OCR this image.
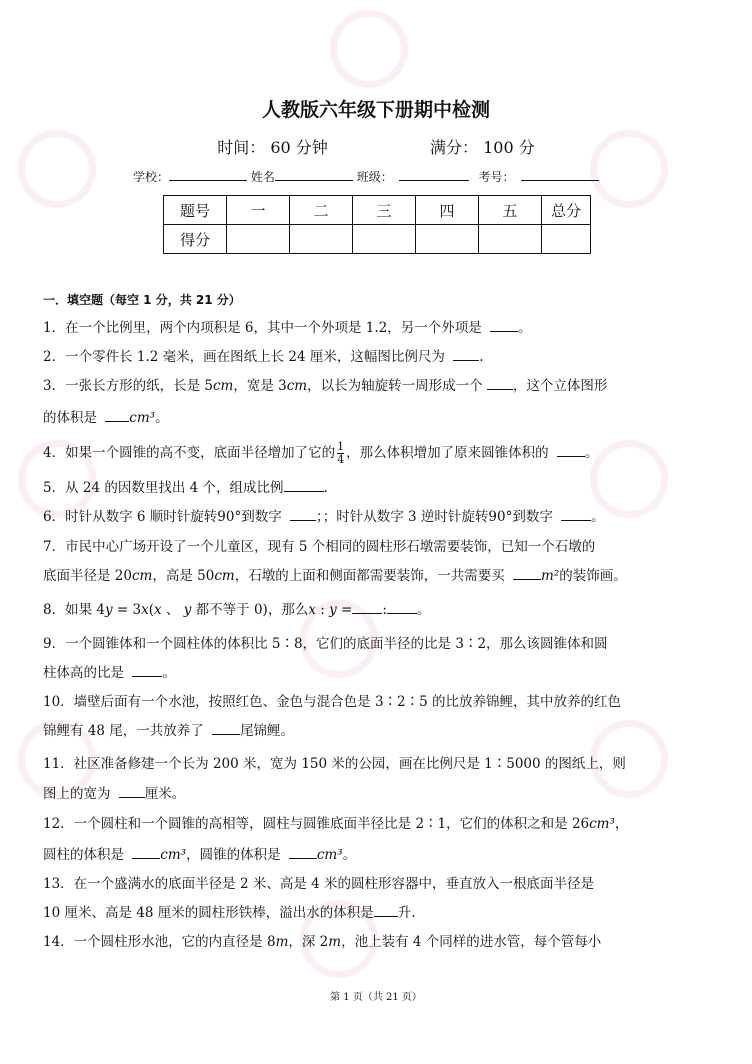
人教版六年级下册期中检测
时间： 60 分钟	满分： 100 分
学校：	姓名	班级：	考号：
题号	一	二	三	四	五	总分
得分						
一．填空题（每空 1 分，共 21 分）
1．在一个比例里，两个内项积是 6，其中一个外项是 1.2，另一个外项是	。
2．一个零件长 1.2 毫米，画在图纸上长 24 厘米，这幅图比例尺为	.
3．一张长方形的纸，长是 5cm，宽是 3cm，以长为轴旋转一周形成一个 ，这个立体图形
的体积是 cm³。
4．如果一个圆锥的高不变，底面半径增加了它的 $\frac{1}{4}$ ，那么体积增加了原来圆锥体积的	。
5．从 24 的因数里找出 4 个，组成比例	.
6．时针从数字 6 顺时针旋转90°到数字	；；时针从数字 3 逆时针旋转90°到数字	。
7．市民中心广场开设了一个儿童区，现有 5 个相同的圆柱形石墩需要装饰，已知一个石墩的
底面半径是 20cm，高是 50cm，石墩的上面和侧面都需要装饰，一共需要买	m²的装饰画。
8．如果 4y = 3x(x 、 y 都不等于 0)，那么x : y = : 。
9．一个圆锥体和一个圆柱体的体积比 5∶8，它们的底面半径的比是 3∶2，那么该圆锥体和圆
柱体高的比是	。
10．墙壁后面有一个水池，按照红色、金色与混合色是 3∶2∶5 的比放养锦鲤，其中放养的红色
锦鲤有 48 尾，一共放养了	尾锦鲤。
11．社区准备修建一个长为 200 米，宽为 150 米的公园，画在比例尺是 1∶5000 的图纸上，则
图上的宽为	厘米。
12．一个圆柱和一个圆锥的高相等，圆柱与圆锥底面半径比是 2∶1，它们的体积之和是 26cm³，
圆柱的体积是	cm³，圆锥的体积是	cm³。
13．在一个盛满水的底面半径是 2 米、高是 4 米的圆柱形容器中，垂直放入一根底面半径是
10 厘米、高是 48 厘米的圆柱形铁棒，溢出水的体积是 升.
14．一个圆柱形水池，它的内直径是 8m，深 2m，池上装有 4 个同样的进水管，每个管每小
第 1 页（共 21 页）
